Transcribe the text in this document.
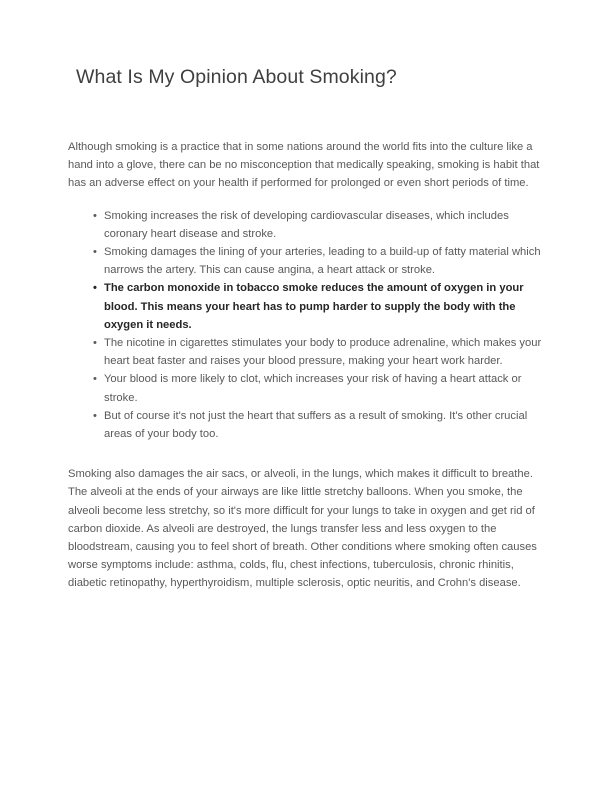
What Is My Opinion About Smoking?

Although smoking is a practice that in some nations around the world fits into the culture like a hand into a glove, there can be no misconception that medically speaking, smoking is habit that has an adverse effect on your health if performed for prolonged or even short periods of time.

• Smoking increases the risk of developing cardiovascular diseases, which includes coronary heart disease and stroke.
• Smoking damages the lining of your arteries, leading to a build-up of fatty material which narrows the artery. This can cause angina, a heart attack or stroke.
• The carbon monoxide in tobacco smoke reduces the amount of oxygen in your blood. This means your heart has to pump harder to supply the body with the oxygen it needs.
• The nicotine in cigarettes stimulates your body to produce adrenaline, which makes your heart beat faster and raises your blood pressure, making your heart work harder.
• Your blood is more likely to clot, which increases your risk of having a heart attack or stroke.
• But of course it's not just the heart that suffers as a result of smoking. It's other crucial areas of your body too.

Smoking also damages the air sacs, or alveoli, in the lungs, which makes it difficult to breathe. The alveoli at the ends of your airways are like little stretchy balloons. When you smoke, the alveoli become less stretchy, so it's more difficult for your lungs to take in oxygen and get rid of carbon dioxide. As alveoli are destroyed, the lungs transfer less and less oxygen to the bloodstream, causing you to feel short of breath. Other conditions where smoking often causes worse symptoms include: asthma, colds, flu, chest infections, tuberculosis, chronic rhinitis, diabetic retinopathy, hyperthyroidism, multiple sclerosis, optic neuritis, and Crohn's disease.
